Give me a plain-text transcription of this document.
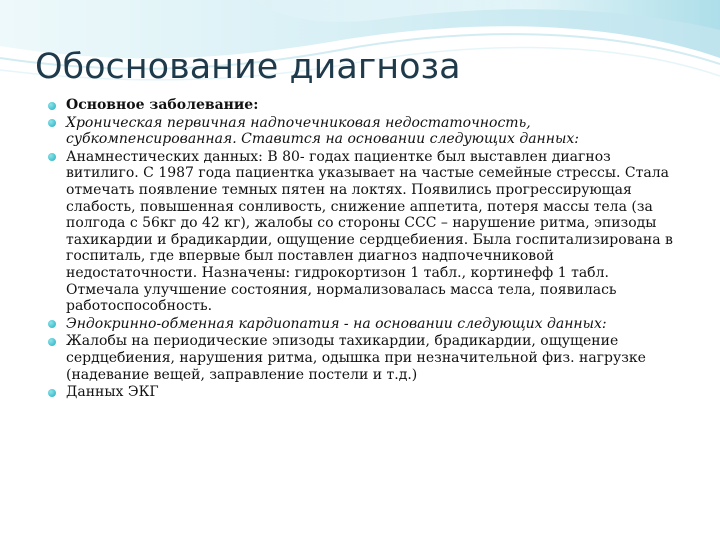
Обоснование диагноза
Основное заболевание:
Хроническая первичная надпочечниковая недостаточность, субкомпенсированная. Ставится на основании следующих данных:
Анамнестических данных: В 80- годах пациентке был выставлен диагноз витилиго. С 1987 года пациентка указывает на частые семейные стрессы. Стала отмечать появление темных пятен на локтях. Появились прогрессирующая слабость, повышенная сонливость, снижение аппетита, потеря массы тела (за полгода с 56кг до 42 кг), жалобы со стороны ССС – нарушение ритма, эпизоды тахикардии и брадикардии, ощущение сердцебиения. Была госпитализирована в госпиталь, где впервые был поставлен диагноз надпочечниковой недостаточности. Назначены: гидрокортизон 1 табл., кортинефф 1 табл. Отмечала улучшение состояния, нормализовалась масса тела, появилась работоспособность.
Эндокринно-обменная кардиопатия - на основании следующих данных:
Жалобы на периодические эпизоды тахикардии, брадикардии, ощущение сердцебиения, нарушения ритма, одышка при незначительной физ. нагрузке (надевание вещей, заправление постели и т.д.)
Данных ЭКГ
